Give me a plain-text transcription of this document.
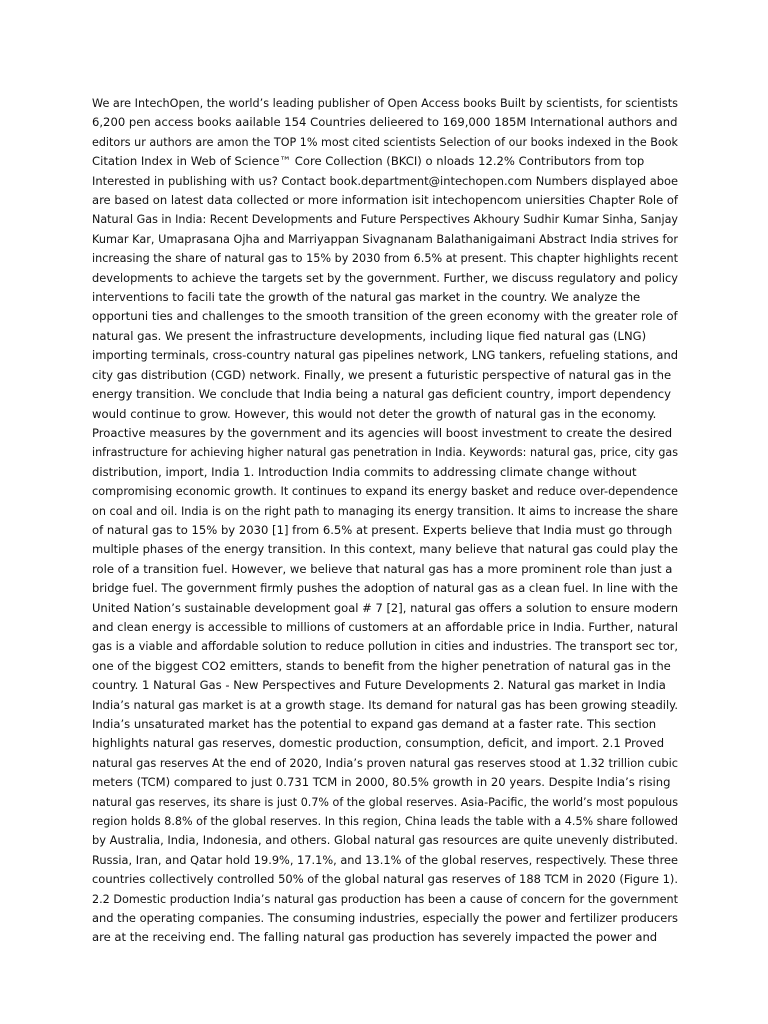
We are IntechOpen, the world’s leading publisher of Open Access books Built by scientists, for scientists
6,200 pen access books aailable 154 Countries delieered to 169,000 185M International authors and
editors ur authors are amon the TOP 1% most cited scientists Selection of our books indexed in the Book
Citation Index in Web of Science™ Core Collection (BKCI) o nloads 12.2% Contributors from top
Interested in publishing with us? Contact book.department@intechopen.com Numbers displayed aboe
are based on latest data collected or more information isit intechopencom uniersities Chapter Role of
Natural Gas in India: Recent Developments and Future Perspectives Akhoury Sudhir Kumar Sinha, Sanjay
Kumar Kar, Umaprasana Ojha and Marriyappan Sivagnanam Balathanigaimani Abstract India strives for
increasing the share of natural gas to 15% by 2030 from 6.5% at present. This chapter highlights recent
developments to achieve the targets set by the government. Further, we discuss regulatory and policy
interventions to facili tate the growth of the natural gas market in the country. We analyze the
opportuni ties and challenges to the smooth transition of the green economy with the greater role of
natural gas. We present the infrastructure developments, including lique fied natural gas (LNG)
importing terminals, cross-country natural gas pipelines network, LNG tankers, refueling stations, and
city gas distribution (CGD) network. Finally, we present a futuristic perspective of natural gas in the
energy transition. We conclude that India being a natural gas deficient country, import dependency
would continue to grow. However, this would not deter the growth of natural gas in the economy.
Proactive measures by the government and its agencies will boost investment to create the desired
infrastructure for achieving higher natural gas penetration in India. Keywords: natural gas, price, city gas
distribution, import, India 1. Introduction India commits to addressing climate change without
compromising economic growth. It continues to expand its energy basket and reduce over-dependence
on coal and oil. India is on the right path to managing its energy transition. It aims to increase the share
of natural gas to 15% by 2030 [1] from 6.5% at present. Experts believe that India must go through
multiple phases of the energy transition. In this context, many believe that natural gas could play the
role of a transition fuel. However, we believe that natural gas has a more prominent role than just a
bridge fuel. The government firmly pushes the adoption of natural gas as a clean fuel. In line with the
United Nation’s sustainable development goal # 7 [2], natural gas offers a solution to ensure modern
and clean energy is accessible to millions of customers at an affordable price in India. Further, natural
gas is a viable and affordable solution to reduce pollution in cities and industries. The transport sec tor,
one of the biggest CO2 emitters, stands to benefit from the higher penetration of natural gas in the
country. 1 Natural Gas - New Perspectives and Future Developments 2. Natural gas market in India
India’s natural gas market is at a growth stage. Its demand for natural gas has been growing steadily.
India’s unsaturated market has the potential to expand gas demand at a faster rate. This section
highlights natural gas reserves, domestic production, consumption, deficit, and import. 2.1 Proved
natural gas reserves At the end of 2020, India’s proven natural gas reserves stood at 1.32 trillion cubic
meters (TCM) compared to just 0.731 TCM in 2000, 80.5% growth in 20 years. Despite India’s rising
natural gas reserves, its share is just 0.7% of the global reserves. Asia-Pacific, the world’s most populous
region holds 8.8% of the global reserves. In this region, China leads the table with a 4.5% share followed
by Australia, India, Indonesia, and others. Global natural gas resources are quite unevenly distributed.
Russia, Iran, and Qatar hold 19.9%, 17.1%, and 13.1% of the global reserves, respectively. These three
countries collectively controlled 50% of the global natural gas reserves of 188 TCM in 2020 (Figure 1).
2.2 Domestic production India’s natural gas production has been a cause of concern for the government
and the operating companies. The consuming industries, especially the power and fertilizer producers
are at the receiving end. The falling natural gas production has severely impacted the power and
